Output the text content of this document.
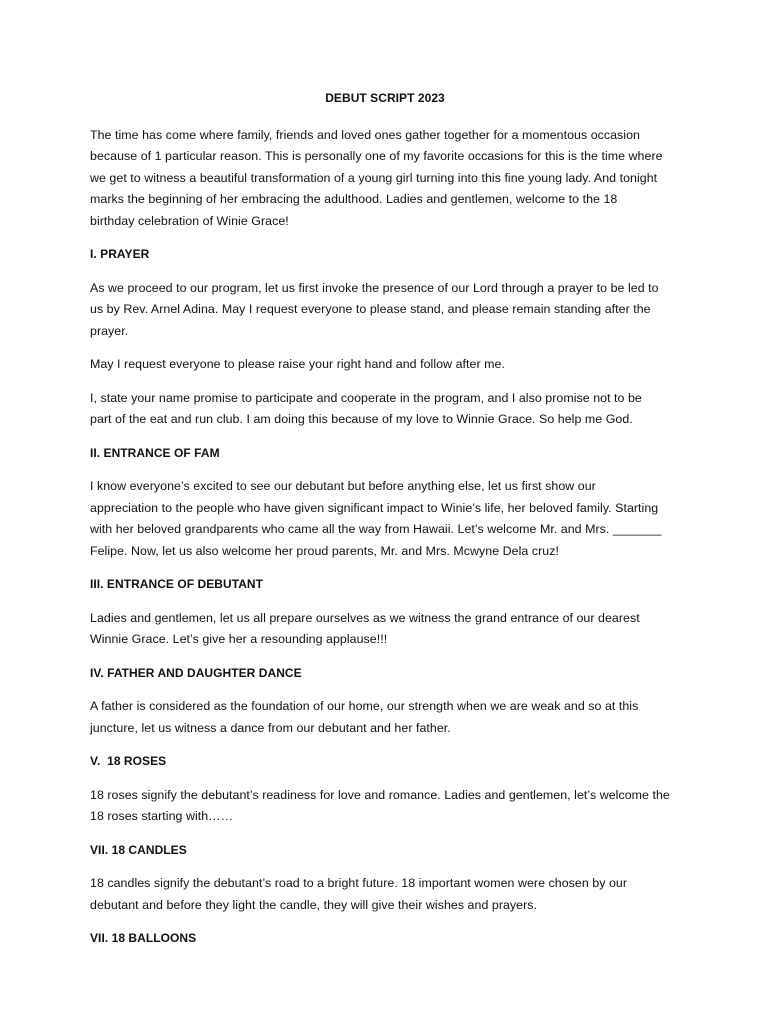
DEBUT SCRIPT 2023
The time has come where family, friends and loved ones gather together for a momentous occasion
because of 1 particular reason. This is personally one of my favorite occasions for this is the time where
we get to witness a beautiful transformation of a young girl turning into this fine young lady. And tonight
marks the beginning of her embracing the adulthood. Ladies and gentlemen, welcome to the 18
birthday celebration of Winie Grace!
I. PRAYER
As we proceed to our program, let us first invoke the presence of our Lord through a prayer to be led to
us by Rev. Arnel Adina. May I request everyone to please stand, and please remain standing after the
prayer.
May I request everyone to please raise your right hand and follow after me.
I, state your name promise to participate and cooperate in the program, and I also promise not to be
part of the eat and run club. I am doing this because of my love to Winnie Grace. So help me God.
II. ENTRANCE OF FAM
I know everyone’s excited to see our debutant but before anything else, let us first show our
appreciation to the people who have given significant impact to Winie’s life, her beloved family. Starting
with her beloved grandparents who came all the way from Hawaii. Let’s welcome Mr. and Mrs. _______
Felipe. Now, let us also welcome her proud parents, Mr. and Mrs. Mcwyne Dela cruz!
III. ENTRANCE OF DEBUTANT
Ladies and gentlemen, let us all prepare ourselves as we witness the grand entrance of our dearest
Winnie Grace. Let’s give her a resounding applause!!!
IV. FATHER AND DAUGHTER DANCE
A father is considered as the foundation of our home, our strength when we are weak and so at this
juncture, let us witness a dance from our debutant and her father.
V.  18 ROSES
18 roses signify the debutant’s readiness for love and romance. Ladies and gentlemen, let’s welcome the
18 roses starting with……
VII. 18 CANDLES
18 candles signify the debutant’s road to a bright future. 18 important women were chosen by our
debutant and before they light the candle, they will give their wishes and prayers.
VII. 18 BALLOONS
